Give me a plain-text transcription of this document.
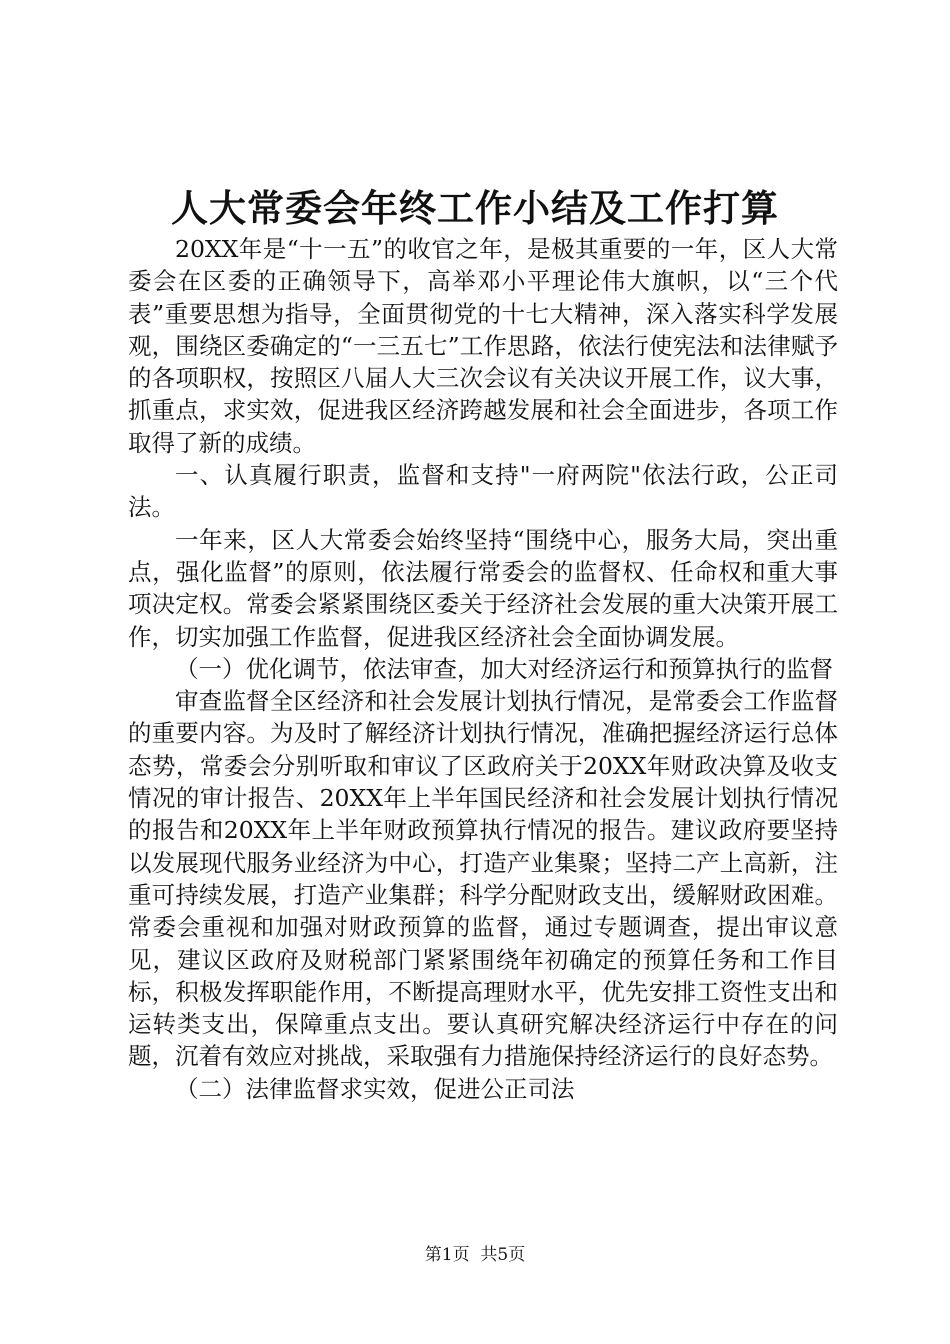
人大常委会年终工作小结及工作打算

20XX年是“十一五”的收官之年，是极其重要的一年，区人大常委会在区委的正确领导下，高举邓小平理论伟大旗帜，以“三个代表”重要思想为指导，全面贯彻党的十七大精神，深入落实科学发展观，围绕区委确定的“一三五七”工作思路，依法行使宪法和法律赋予的各项职权，按照区八届人大三次会议有关决议开展工作，议大事，抓重点，求实效，促进我区经济跨越发展和社会全面进步，各项工作取得了新的成绩。

一、认真履行职责，监督和支持"一府两院"依法行政，公正司法。

一年来，区人大常委会始终坚持“围绕中心，服务大局，突出重点，强化监督”的原则，依法履行常委会的监督权、任命权和重大事项决定权。常委会紧紧围绕区委关于经济社会发展的重大决策开展工作，切实加强工作监督，促进我区经济社会全面协调发展。

（一）优化调节，依法审查，加大对经济运行和预算执行的监督

审查监督全区经济和社会发展计划执行情况，是常委会工作监督的重要内容。为及时了解经济计划执行情况，准确把握经济运行总体态势，常委会分别听取和审议了区政府关于20XX年财政决算及收支情况的审计报告、20XX年上半年国民经济和社会发展计划执行情况的报告和20XX年上半年财政预算执行情况的报告。建议政府要坚持以发展现代服务业经济为中心，打造产业集聚；坚持二产上高新，注重可持续发展，打造产业集群；科学分配财政支出，缓解财政困难。常委会重视和加强对财政预算的监督，通过专题调查，提出审议意见，建议区政府及财税部门紧紧围绕年初确定的预算任务和工作目标，积极发挥职能作用，不断提高理财水平，优先安排工资性支出和运转类支出，保障重点支出。要认真研究解决经济运行中存在的问题，沉着有效应对挑战，采取强有力措施保持经济运行的良好态势。

（二）法律监督求实效，促进公正司法

第1页 共5页
